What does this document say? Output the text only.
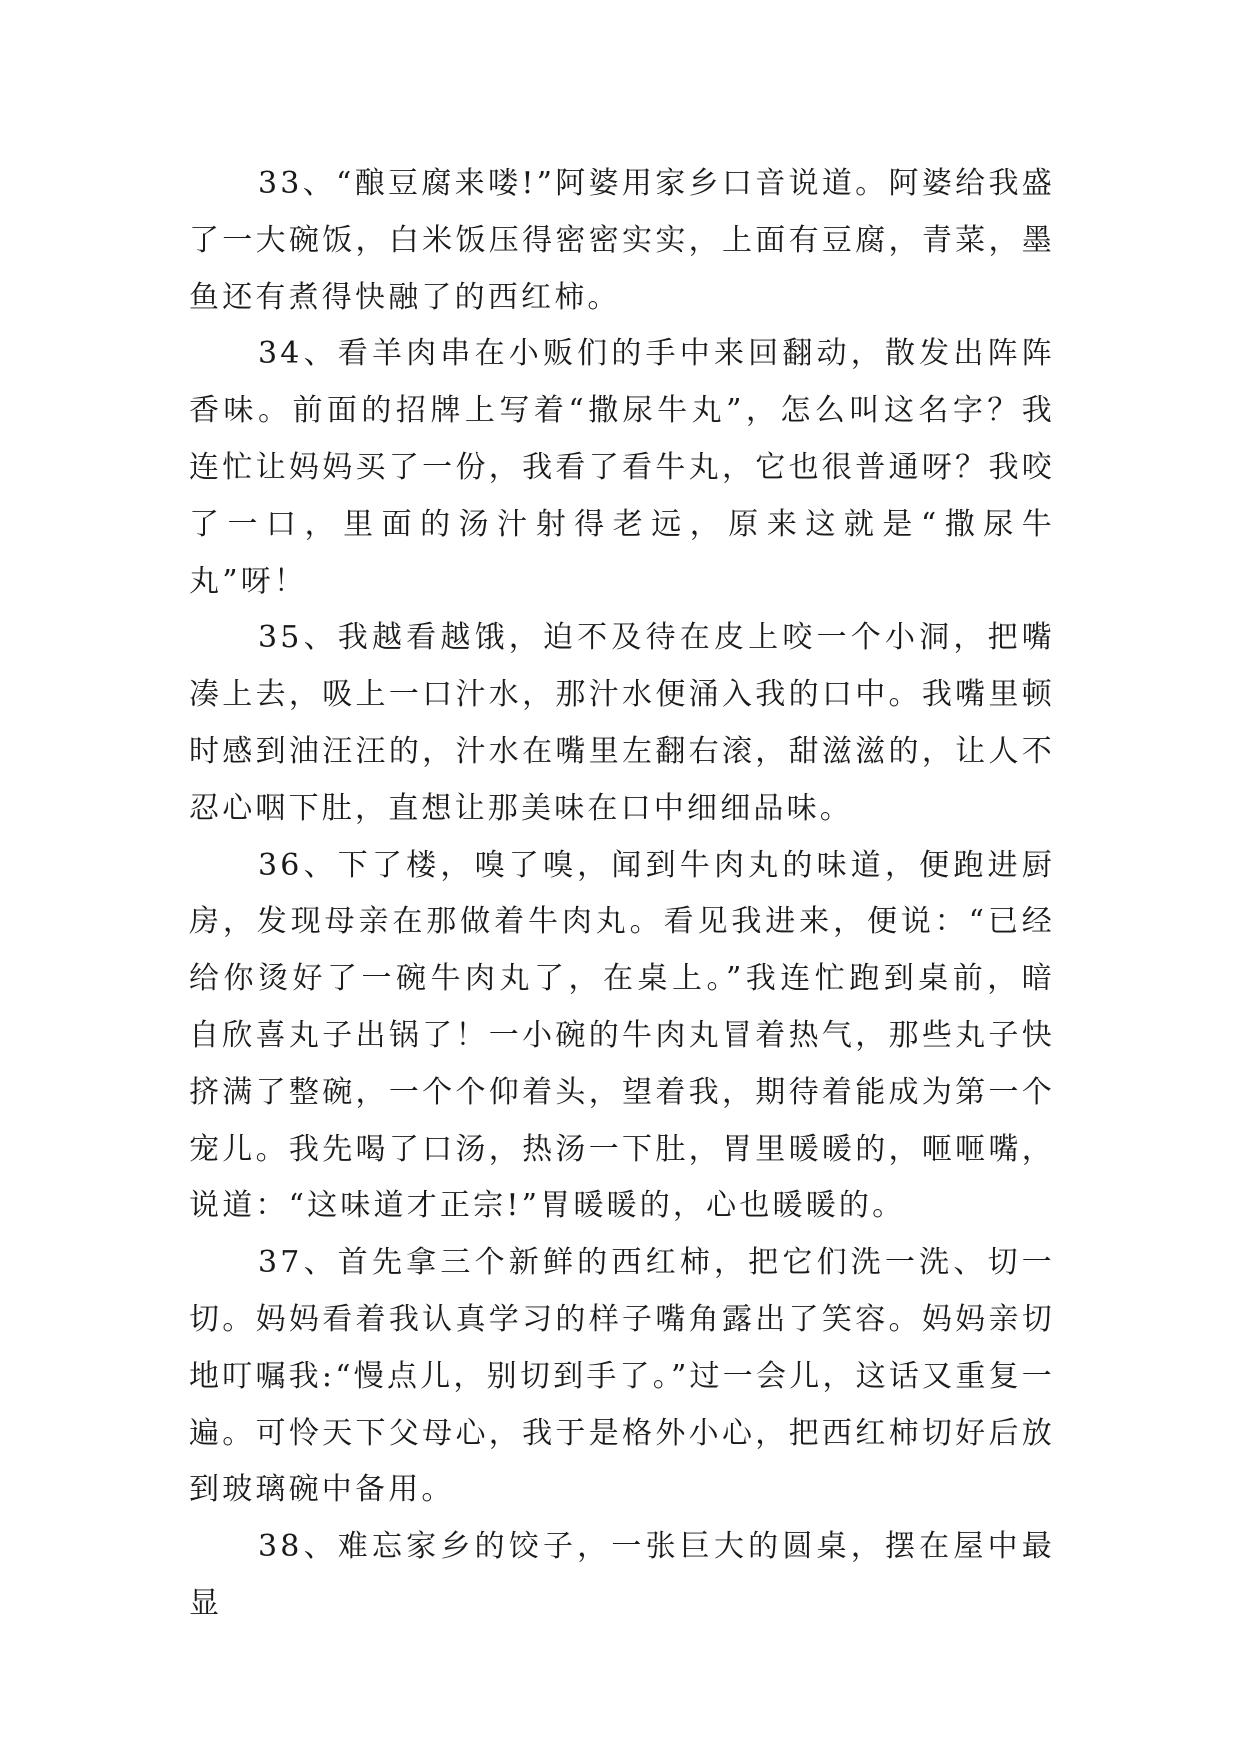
33、“酿豆腐来喽!”阿婆用家乡口音说道。阿婆给我盛了一大碗饭，白米饭压得密密实实，上面有豆腐，青菜，墨鱼还有煮得快融了的西红柿。

34、看羊肉串在小贩们的手中来回翻动，散发出阵阵香味。前面的招牌上写着“撒尿牛丸”，怎么叫这名字？我连忙让妈妈买了一份，我看了看牛丸，它也很普通呀？我咬了一口，里面的汤汁射得老远，原来这就是“撒尿牛丸”呀！

35、我越看越饿，迫不及待在皮上咬一个小洞，把嘴凑上去，吸上一口汁水，那汁水便涌入我的口中。我嘴里顿时感到油汪汪的，汁水在嘴里左翻右滚，甜滋滋的，让人不忍心咽下肚，直想让那美味在口中细细品味。

36、下了楼，嗅了嗅，闻到牛肉丸的味道，便跑进厨房，发现母亲在那做着牛肉丸。看见我进来，便说：“已经给你烫好了一碗牛肉丸了，在桌上。”我连忙跑到桌前，暗自欣喜丸子出锅了！一小碗的牛肉丸冒着热气，那些丸子快挤满了整碗，一个个仰着头，望着我，期待着能成为第一个宠儿。我先喝了口汤，热汤一下肚，胃里暖暖的，咂咂嘴，说道：“这味道才正宗!”胃暖暖的，心也暖暖的。

37、首先拿三个新鲜的西红柿，把它们洗一洗、切一切。妈妈看着我认真学习的样子嘴角露出了笑容。妈妈亲切地叮嘱我:“慢点儿，别切到手了。”过一会儿，这话又重复一遍。可怜天下父母心，我于是格外小心，把西红柿切好后放到玻璃碗中备用。

38、难忘家乡的饺子，一张巨大的圆桌，摆在屋中最显
